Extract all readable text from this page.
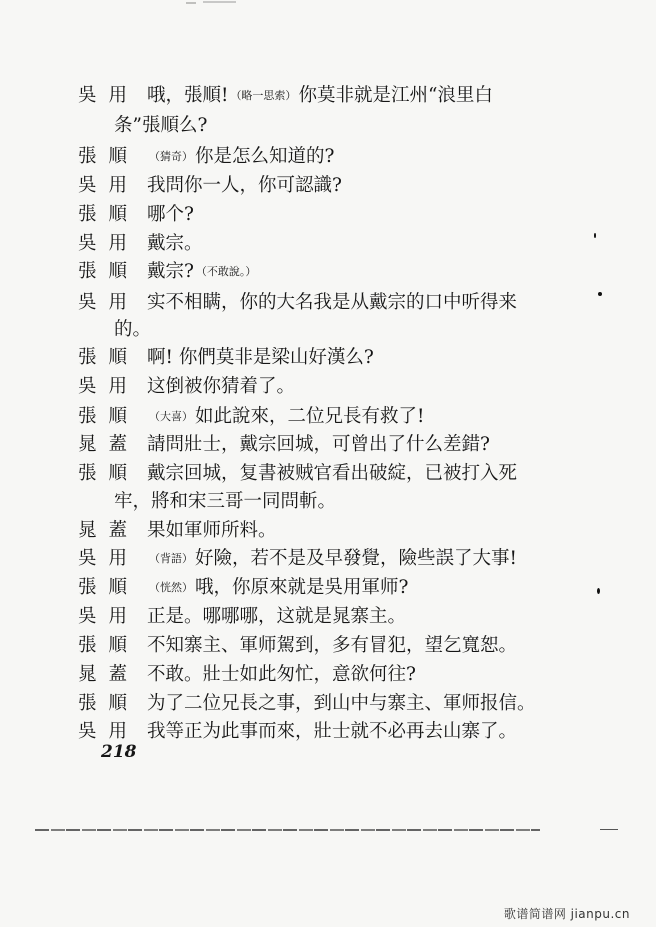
吳用 哦，張順! （略一思索） 你莫非就是江州“浪里白
条”張順么?
張順 （猜奇） 你是怎么知道的?
吳用 我問你一人，你可認識?
張順 哪个?
吳用 戴宗。
張順 戴宗? （不敢說。）
吳用 实不相瞒，你的大名我是从戴宗的口中听得来
的。
張順 啊! 你們莫非是梁山好漢么?
吳用 这倒被你猜着了。
張順 （大喜） 如此說來，二位兄長有救了!
晁蓋 請問壯士，戴宗回城，可曾出了什么差錯?
張順 戴宗回城，复書被贼官看出破綻，已被打入死
牢，將和宋三哥一同問斬。
晁蓋 果如軍师所料。
吳用 （背語） 好險，若不是及早發覺，險些誤了大事!
張順 （恍然） 哦，你原來就是吳用軍师?
吳用 正是。哪哪哪，这就是晁寨主。
張順 不知寨主、軍师駕到，多有冒犯，望乞寬恕。
晁蓋 不敢。壯士如此匆忙，意欲何往?
張順 为了二位兄長之事，到山中与寨主、軍师报信。
吳用 我等正为此事而來，壯士就不必再去山寨了。
218
歌谱简谱网 jianpu.cn
